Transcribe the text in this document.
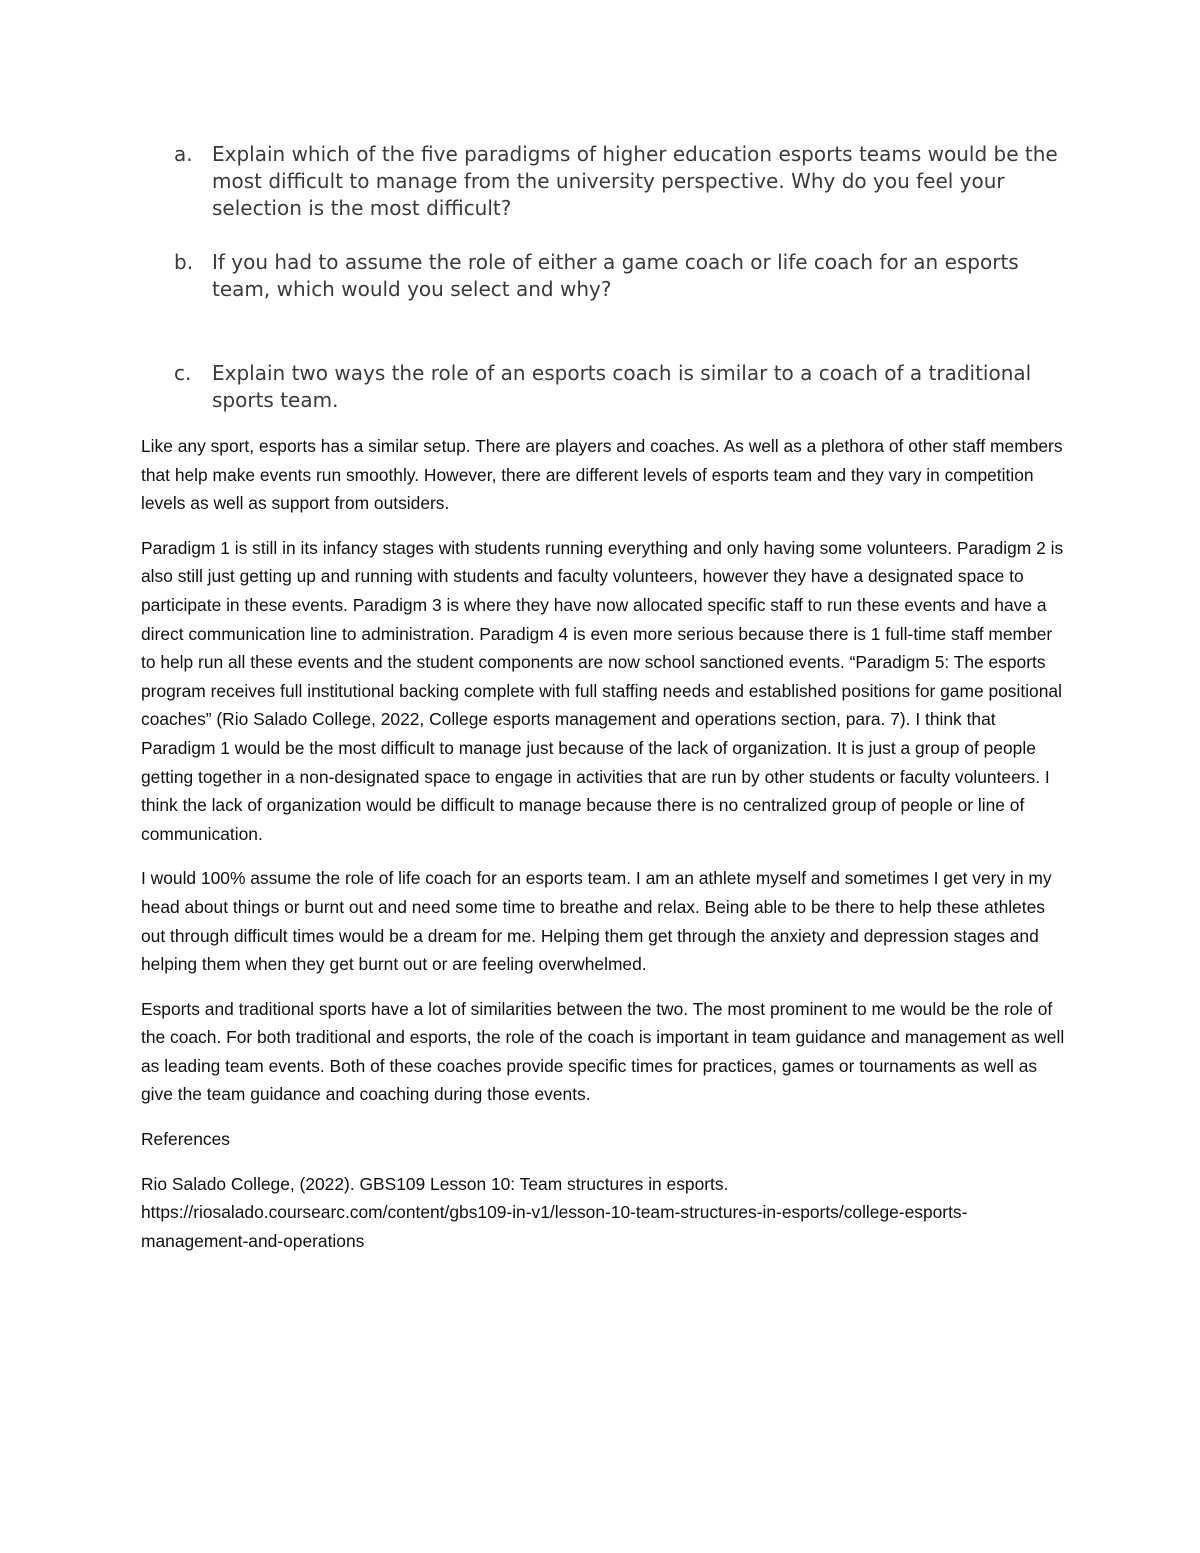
a. Explain which of the five paradigms of higher education esports teams would be the most difficult to manage from the university perspective. Why do you feel your selection is the most difficult?
b. If you had to assume the role of either a game coach or life coach for an esports team, which would you select and why?
c. Explain two ways the role of an esports coach is similar to a coach of a traditional sports team.

Like any sport, esports has a similar setup. There are players and coaches. As well as a plethora of other staff members that help make events run smoothly. However, there are different levels of esports team and they vary in competition levels as well as support from outsiders.

Paradigm 1 is still in its infancy stages with students running everything and only having some volunteers. Paradigm 2 is also still just getting up and running with students and faculty volunteers, however they have a designated space to participate in these events. Paradigm 3 is where they have now allocated specific staff to run these events and have a direct communication line to administration. Paradigm 4 is even more serious because there is 1 full-time staff member to help run all these events and the student components are now school sanctioned events. “Paradigm 5: The esports program receives full institutional backing complete with full staffing needs and established positions for game positional coaches” (Rio Salado College, 2022, College esports management and operations section, para. 7). I think that Paradigm 1 would be the most difficult to manage just because of the lack of organization. It is just a group of people getting together in a non-designated space to engage in activities that are run by other students or faculty volunteers. I think the lack of organization would be difficult to manage because there is no centralized group of people or line of communication.

I would 100% assume the role of life coach for an esports team. I am an athlete myself and sometimes I get very in my head about things or burnt out and need some time to breathe and relax. Being able to be there to help these athletes out through difficult times would be a dream for me. Helping them get through the anxiety and depression stages and helping them when they get burnt out or are feeling overwhelmed.

Esports and traditional sports have a lot of similarities between the two. The most prominent to me would be the role of the coach. For both traditional and esports, the role of the coach is important in team guidance and management as well as leading team events. Both of these coaches provide specific times for practices, games or tournaments as well as give the team guidance and coaching during those events.

References

Rio Salado College, (2022). GBS109 Lesson 10: Team structures in esports. https://riosalado.coursearc.com/content/gbs109-in-v1/lesson-10-team-structures-in-esports/college-esports-management-and-operations
